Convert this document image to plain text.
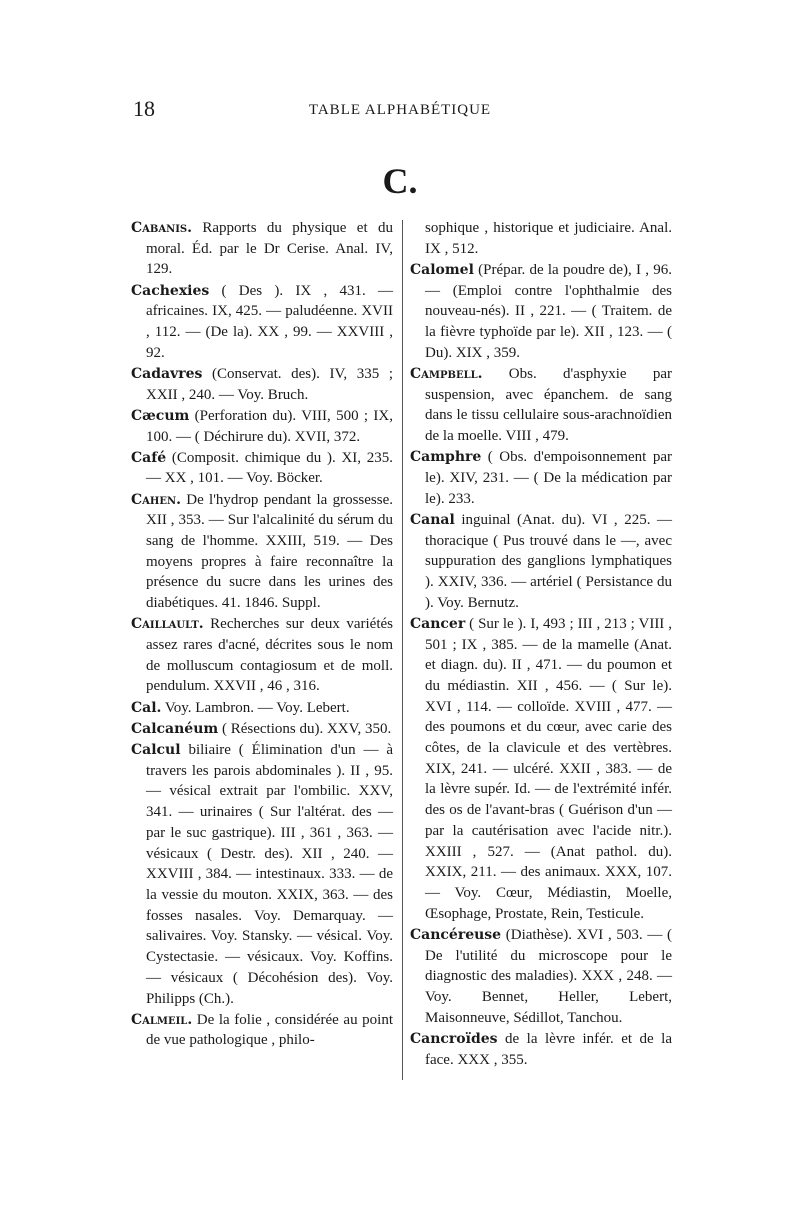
18	TABLE ALPHABÉTIQUE
C.

Cabanis. Rapports du physique et du moral. Éd. par le Dr Cerise. Anal. IV, 129.

Cachexies ( Des ). IX , 431. — africaines. IX, 425. — paludéenne. XVII , 112. — (De la). XX , 99. — XXVIII , 92.

Cadavres (Conservat. des). IV, 335 ; XXII , 240. — Voy. Bruch.

Cæcum (Perforation du). VIII, 500 ; IX, 100. — ( Déchirure du). XVII, 372.

Café (Composit. chimique du ). XI, 235. — XX , 101. — Voy. Böcker.

Cahen. De l'hydrop pendant la grossesse. XII , 353. — Sur l'alcalinité du sérum du sang de l'homme. XXIII, 519. — Des moyens propres à faire reconnaître la présence du sucre dans les urines des diabétiques. 41. 1846. Suppl.

Caillault. Recherches sur deux variétés assez rares d'acné, décrites sous le nom de molluscum contagiosum et de moll. pendulum. XXVII , 46 , 316.

Cal. Voy. Lambron. — Voy. Lebert.

Calcanéum ( Résections du). XXV, 350.

Calcul biliaire ( Élimination d'un — à travers les parois abdominales ). II , 95. — vésical extrait par l'ombilic. XXV, 341. — urinaires ( Sur l'altérat. des — par le suc gastrique). III , 361 , 363. — vésicaux ( Destr. des). XII , 240. — XXVIII , 384. — intestinaux. 333. — de la vessie du mouton. XXIX, 363. — des fosses nasales. Voy. Demarquay. — salivaires. Voy. Stansky. — vésical. Voy. Cystectasie. — vésicaux. Voy. Koffins. — vésicaux ( Décohésion des). Voy. Philipps (Ch.).

Calmeil. De la folie , considérée au point de vue pathologique , philo-

sophique , historique et judiciaire. Anal. IX , 512.

Calomel (Prépar. de la poudre de), I , 96. — (Emploi contre l'ophthalmie des nouveau-nés). II , 221. — ( Traitem. de la fièvre typhoïde par le). XII , 123. — ( Du). XIX , 359.

Campbell. Obs. d'asphyxie par suspension, avec épanchem. de sang dans le tissu cellulaire sous-arachnoïdien de la moelle. VIII , 479.

Camphre ( Obs. d'empoisonnement par le). XIV, 231. — ( De la médication par le). 233.

Canal inguinal (Anat. du). VI , 225. — thoracique ( Pus trouvé dans le —, avec suppuration des ganglions lymphatiques ). XXIV, 336. — artériel ( Persistance du ). Voy. Bernutz.

Cancer ( Sur le ). I, 493 ; III , 213 ; VIII , 501 ; IX , 385. — de la mamelle (Anat. et diagn. du). II , 471. — du poumon et du médiastin. XII , 456. — ( Sur le). XVI , 114. — colloïde. XVIII , 477. — des poumons et du cœur, avec carie des côtes, de la clavicule et des vertèbres. XIX, 241. — ulcéré. XXII , 383. — de la lèvre supér. Id. — de l'extrémité infér. des os de l'avant-bras ( Guérison d'un — par la cautérisation avec l'acide nitr.). XXIII , 527. — (Anat pathol. du). XXIX, 211. — des animaux. XXX, 107. — Voy. Cœur, Médiastin, Moelle, Œsophage, Prostate, Rein, Testicule.

Cancéreuse (Diathèse). XVI , 503. — ( De l'utilité du microscope pour le diagnostic des maladies). XXX , 248. — Voy. Bennet, Heller, Lebert, Maisonneuve, Sédillot, Tanchou.

Cancroïdes de la lèvre infér. et de la face. XXX , 355.
